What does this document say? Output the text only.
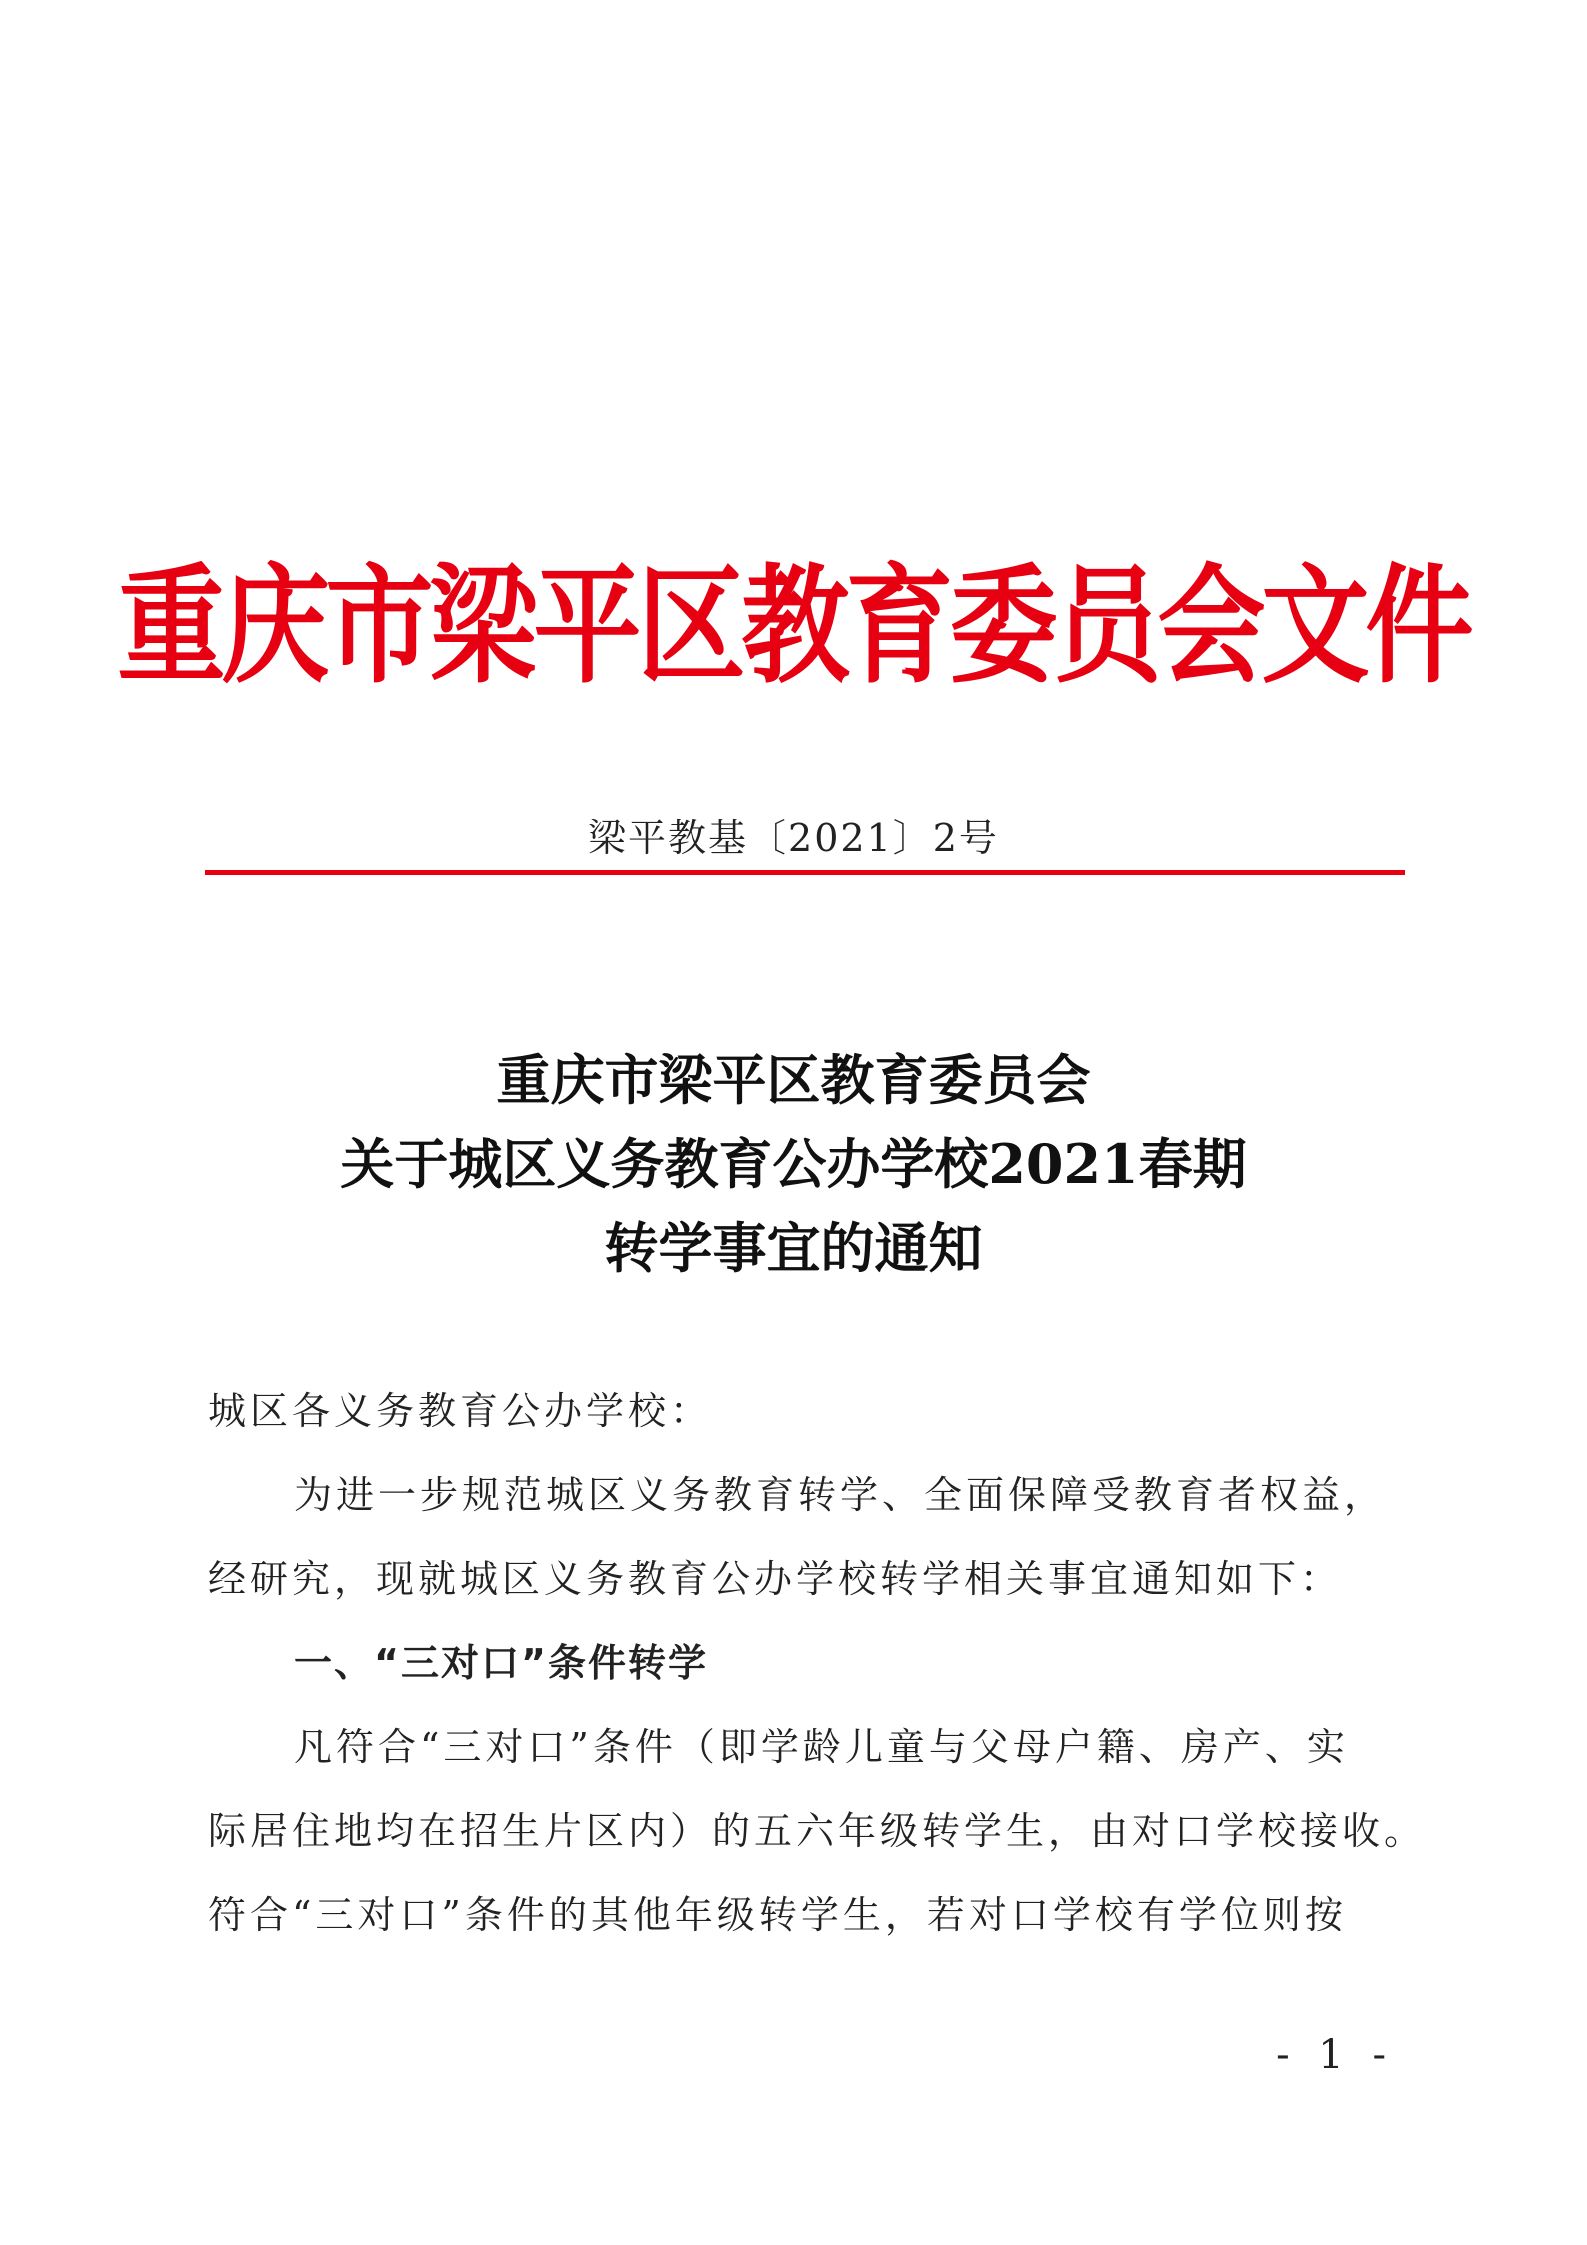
重庆市梁平区教育委员会文件
梁平教基〔2021〕2号
重庆市梁平区教育委员会
关于城区义务教育公办学校2021春期
转学事宜的通知

城区各义务教育公办学校：

为进一步规范城区义务教育转学、全面保障受教育者权益，

经研究，现就城区义务教育公办学校转学相关事宜通知如下：

一、“三对口”条件转学

凡符合“三对口”条件（即学龄儿童与父母户籍、房产、实

际居住地均在招生片区内）的五六年级转学生，由对口学校接收。

符合“三对口”条件的其他年级转学生，若对口学校有学位则按

- 1 -
